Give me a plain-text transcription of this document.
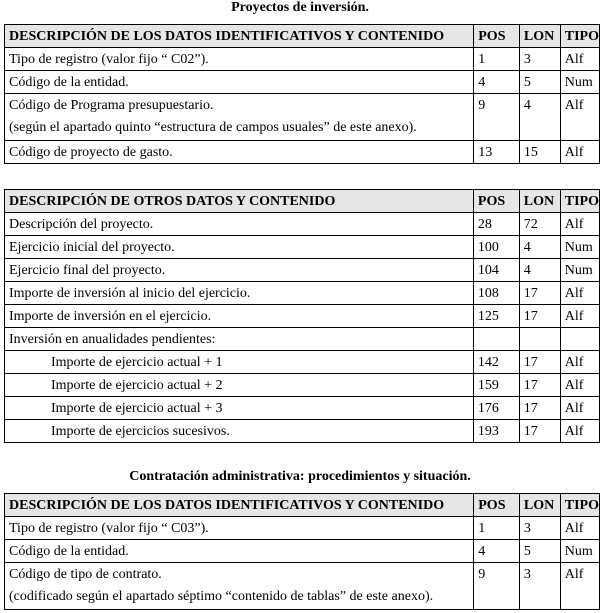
Proyectos de inversión.
DESCRIPCIÓN DE LOS DATOS IDENTIFICATIVOS Y CONTENIDO	POS	LON	TIPO
Tipo de registro (valor fijo “ C02”).	1	3	Alf
Código de la entidad.	4	5	Num

Código de Programa presupuestario.
(según el apartado quinto “estructura de campos usuales” de este anexo).	9	4	Alf
Código de proyecto de gasto.	13	15	Alf
DESCRIPCIÓN DE OTROS DATOS Y CONTENIDO	POS	LON	TIPO
Descripción del proyecto.	28	72	Alf
Ejercicio inicial del proyecto.	100	4	Num
Ejercicio final del proyecto.	104	4	Num
Importe de inversión al inicio del ejercicio.	108	17	Alf
Importe de inversión en el ejercicio.	125	17	Alf
Inversión en anualidades pendientes:			
Importe de ejercicio actual + 1	142	17	Alf
Importe de ejercicio actual + 2	159	17	Alf
Importe de ejercicio actual + 3	176	17	Alf
Importe de ejercicios sucesivos.	193	17	Alf
Contratación administrativa: procedimientos y situación.
DESCRIPCIÓN DE LOS DATOS IDENTIFICATIVOS Y CONTENIDO	POS	LON	TIPO
Tipo de registro (valor fijo “ C03”).	1	3	Alf
Código de la entidad.	4	5	Num

Código de tipo de contrato.
(codificado según el apartado séptimo “contenido de tablas” de este anexo).	9	3	Alf
